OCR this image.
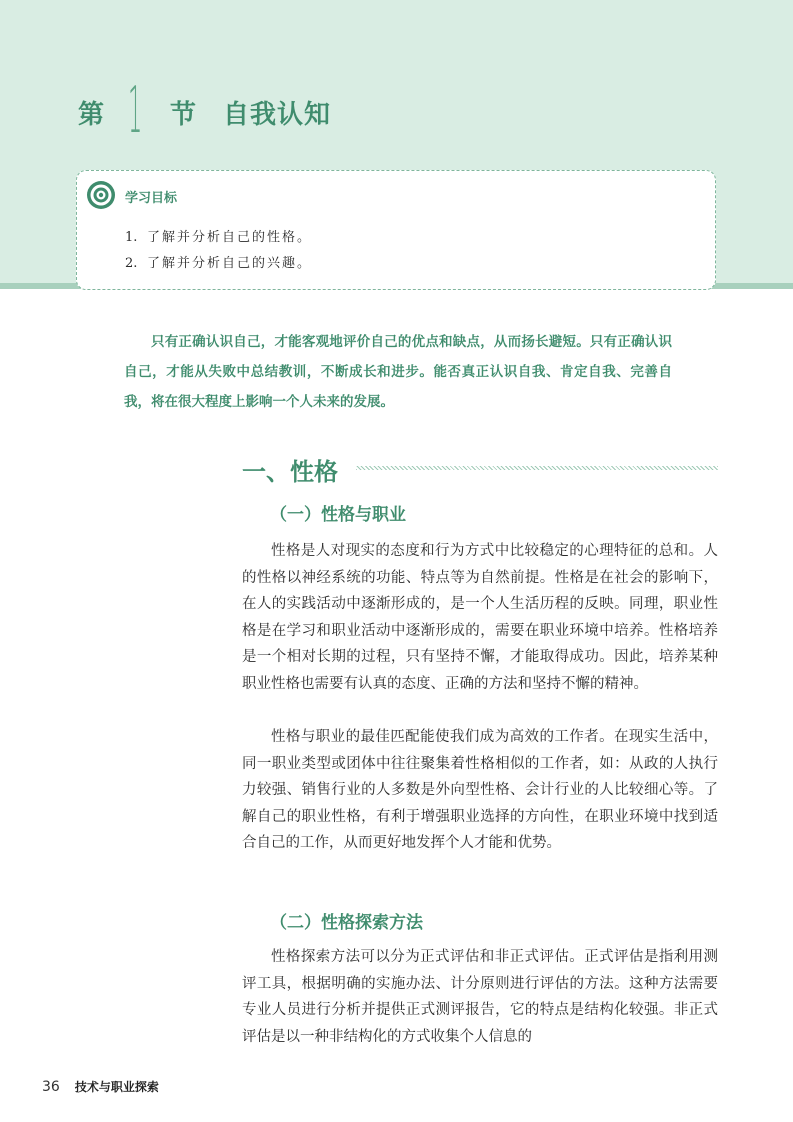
第 1 节 自我认知
学习目标
1. 了解并分析自己的性格。
2. 了解并分析自己的兴趣。

只有正确认识自己，才能客观地评价自己的优点和缺点，从而扬长避短。只有正确认识自己，才能从失败中总结教训，不断成长和进步。能否真正认识自我、肯定自我、完善自我，将在很大程度上影响一个人未来的发展。

一、性格
（一）性格与职业

性格是人对现实的态度和行为方式中比较稳定的心理特征的总和。人的性格以神经系统的功能、特点等为自然前提。性格是在社会的影响下，在人的实践活动中逐渐形成的，是一个人生活历程的反映。同理，职业性格是在学习和职业活动中逐渐形成的，需要在职业环境中培养。性格培养是一个相对长期的过程，只有坚持不懈，才能取得成功。因此，培养某种职业性格也需要有认真的态度、正确的方法和坚持不懈的精神。

性格与职业的最佳匹配能使我们成为高效的工作者。在现实生活中，同一职业类型或团体中往往聚集着性格相似的工作者，如：从政的人执行力较强、销售行业的人多数是外向型性格、会计行业的人比较细心等。了解自己的职业性格，有利于增强职业选择的方向性，在职业环境中找到适合自己的工作，从而更好地发挥个人才能和优势。

（二）性格探索方法

性格探索方法可以分为正式评估和非正式评估。正式评估是指利用测评工具，根据明确的实施办法、计分原则进行评估的方法。这种方法需要专业人员进行分析并提供正式测评报告，它的特点是结构化较强。非正式评估是以一种非结构化的方式收集个人信息的

36 技术与职业探索
